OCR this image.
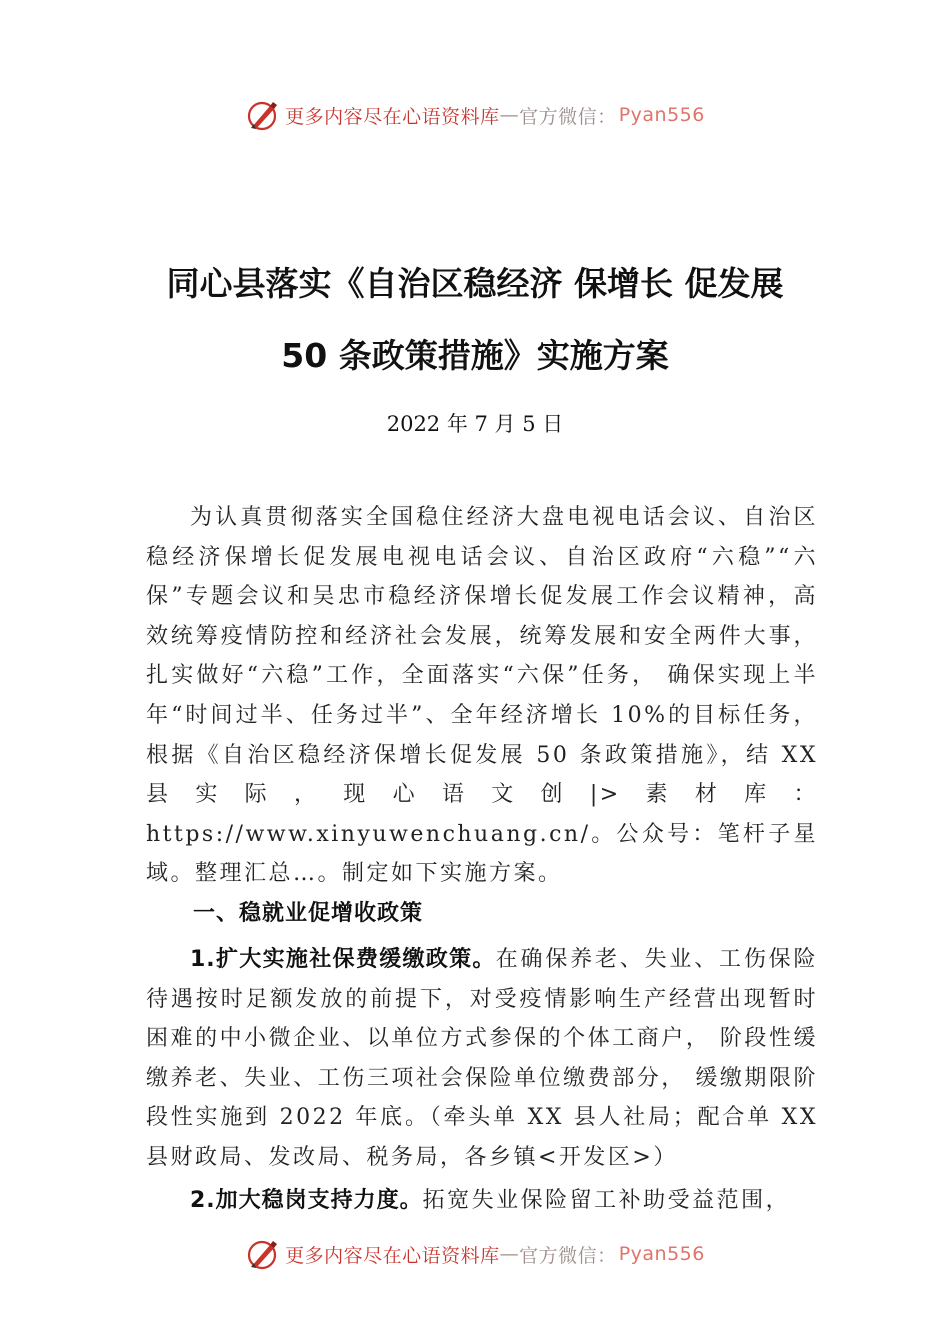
更多内容尽在心语资料库 — 官方微信： Pyan556
同心县落实《自治区稳经济 保增长 促发展
50 条政策措施》实施方案
2022 年 7 月 5 日

为认真贯彻落实全国稳住经济大盘电视电话会议、自治区稳经济保增长促发展电视电话会议、自治区政府“六稳”“六保”专题会议和吴忠市稳经济保增长促发展工作会议精神，高效统筹疫情防控和经济社会发展，统筹发展和安全两件大事，扎实做好“六稳”工作，全面落实“六保”任务， 确保实现上半年“时间过半、任务过半”、全年经济增长 10%的目标任务，根据《自治区稳经济保增长促发展 50 条政策措施》，结 XX 县实际，现心语文创|>素材库：https://www.xinyuwenchuang.cn/。公众号：笔杆子星域。整理汇总…。制定如下实施方案。

一、稳就业促增收政策

1.扩大实施社保费缓缴政策。在确保养老、失业、工伤保险待遇按时足额发放的前提下，对受疫情影响生产经营出现暂时困难的中小微企业、以单位方式参保的个体工商户， 阶段性缓缴养老、失业、工伤三项社会保险单位缴费部分， 缓缴期限阶段性实施到 2022 年底。（牵头单 XX 县人社局；配合单 XX 县财政局、发改局、税务局，各乡镇<开发区>）

2.加大稳岗支持力度。拓宽失业保险留工补助受益范围，

更多内容尽在心语资料库 — 官方微信： Pyan556
